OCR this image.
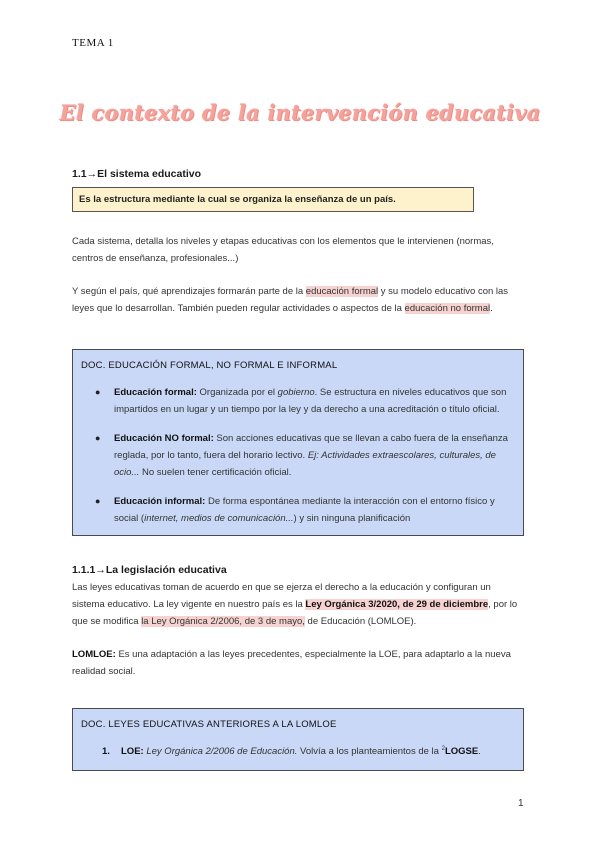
TEMA 1
El contexto de la intervención educativa
1.1→El sistema educativo
Es la estructura mediante la cual se organiza la enseñanza de un país.

Cada sistema, detalla los niveles y etapas educativas con los elementos que le intervienen (normas, centros de enseñanza, profesionales...)

Y según el país, qué aprendizajes formarán parte de la educación formal y su modelo educativo con las leyes que lo desarrollan. También pueden regular actividades o aspectos de la educación no formal.

DOC. EDUCACIÓN FORMAL, NO FORMAL E INFORMAL
● Educación formal: Organizada por el gobierno. Se estructura en niveles educativos que son impartidos en un lugar y un tiempo por la ley y da derecho a una acreditación o título oficial.
● Educación NO formal: Son acciones educativas que se llevan a cabo fuera de la enseñanza reglada, por lo tanto, fuera del horario lectivo. Ej: Actividades extraescolares, culturales, de ocio... No suelen tener certificación oficial.
● Educación informal: De forma espontánea mediante la interacción con el entorno físico y social (internet, medios de comunicación...) y sin ninguna planificación
1.1.1→La legislación educativa

Las leyes educativas toman de acuerdo en que se ejerza el derecho a la educación y configuran un sistema educativo. La ley vigente en nuestro país es la Ley Orgánica 3/2020, de 29 de diciembre, por lo que se modifica la Ley Orgánica 2/2006, de 3 de mayo, de Educación (LOMLOE).

LOMLOE: Es una adaptación a las leyes precedentes, especialmente la LOE, para adaptarlo a la nueva realidad social.

DOC. LEYES EDUCATIVAS ANTERIORES A LA LOMLOE
1. LOE: Ley Orgánica 2/2006 de Educación. Volvía a los planteamientos de la $^2$LOGSE.
1
